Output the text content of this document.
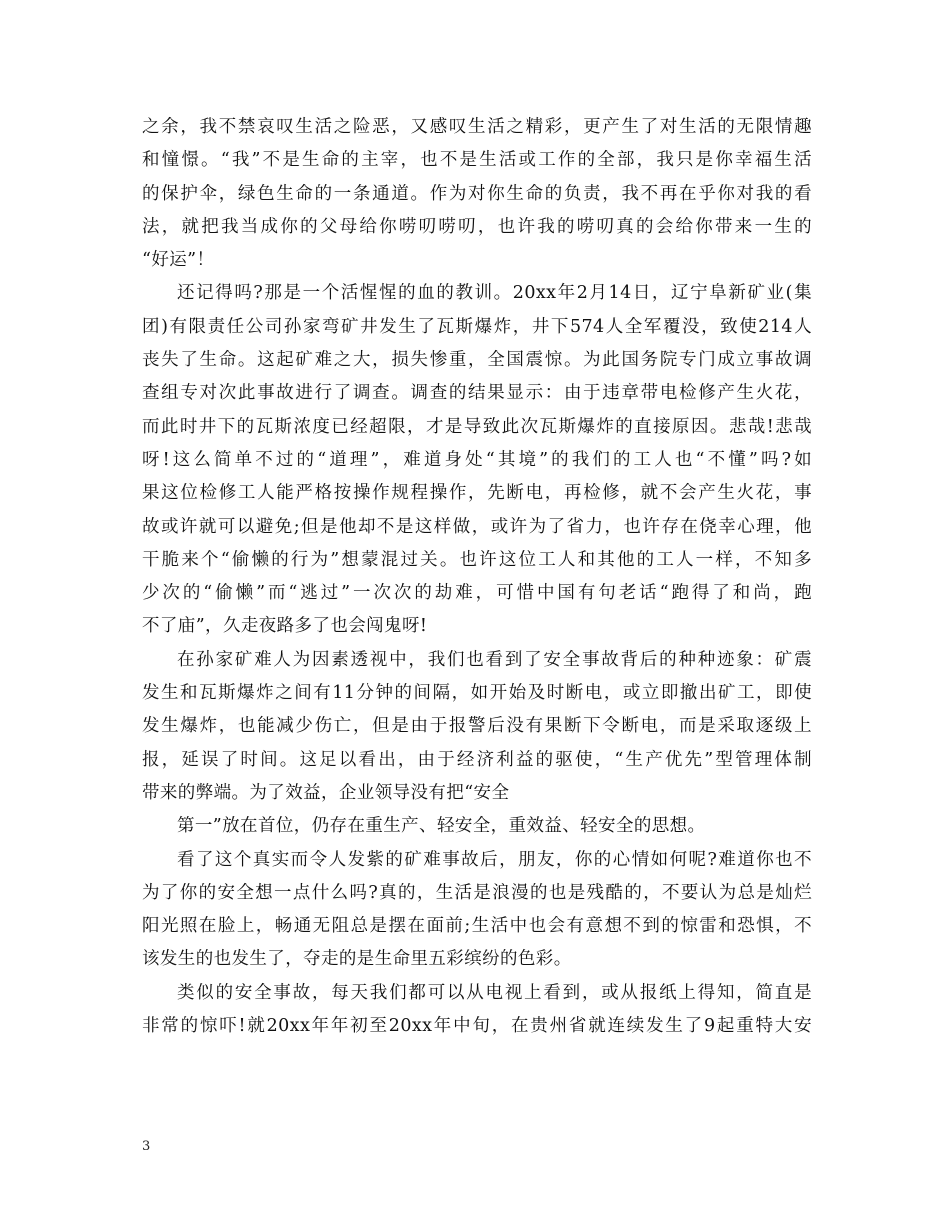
之余，我不禁哀叹生活之险恶，又感叹生活之精彩，更产生了对生活的无限情趣
和憧憬。“我”不是生命的主宰，也不是生活或工作的全部，我只是你幸福生活
的保护伞，绿色生命的一条通道。作为对你生命的负责，我不再在乎你对我的看
法，就把我当成你的父母给你唠叨唠叨，也许我的唠叨真的会给你带来一生的
“好运”！
还记得吗?那是一个活惺惺的血的教训。20xx年2月14日，辽宁阜新矿业(集
团)有限责任公司孙家弯矿井发生了瓦斯爆炸，井下574人全军覆没，致使214人
丧失了生命。这起矿难之大，损失惨重，全国震惊。为此国务院专门成立事故调
查组专对次此事故进行了调查。调查的结果显示：由于违章带电检修产生火花，
而此时井下的瓦斯浓度已经超限，才是导致此次瓦斯爆炸的直接原因。悲哉!悲哉
呀!这么简单不过的“道理”，难道身处“其境”的我们的工人也“不懂”吗?如
果这位检修工人能严格按操作规程操作，先断电，再检修，就不会产生火花，事
故或许就可以避免;但是他却不是这样做，或许为了省力，也许存在侥幸心理，他
干脆来个“偷懒的行为”想蒙混过关。也许这位工人和其他的工人一样，不知多
少次的“偷懒”而“逃过”一次次的劫难，可惜中国有句老话“跑得了和尚，跑
不了庙”，久走夜路多了也会闯鬼呀!
在孙家矿难人为因素透视中，我们也看到了安全事故背后的种种迹象：矿震
发生和瓦斯爆炸之间有11分钟的间隔，如开始及时断电，或立即撤出矿工，即使
发生爆炸，也能减少伤亡，但是由于报警后没有果断下令断电，而是采取逐级上
报，延误了时间。这足以看出，由于经济利益的驱使，“生产优先”型管理体制
带来的弊端。为了效益，企业领导没有把“安全
第一”放在首位，仍存在重生产、轻安全，重效益、轻安全的思想。
看了这个真实而令人发紫的矿难事故后，朋友，你的心情如何呢?难道你也不
为了你的安全想一点什么吗?真的，生活是浪漫的也是残酷的，不要认为总是灿烂
阳光照在脸上，畅通无阻总是摆在面前;生活中也会有意想不到的惊雷和恐惧，不
该发生的也发生了，夺走的是生命里五彩缤纷的色彩。
类似的安全事故，每天我们都可以从电视上看到，或从报纸上得知，简直是
非常的惊吓!就20xx年年初至20xx年中旬，在贵州省就连续发生了9起重特大安
3
